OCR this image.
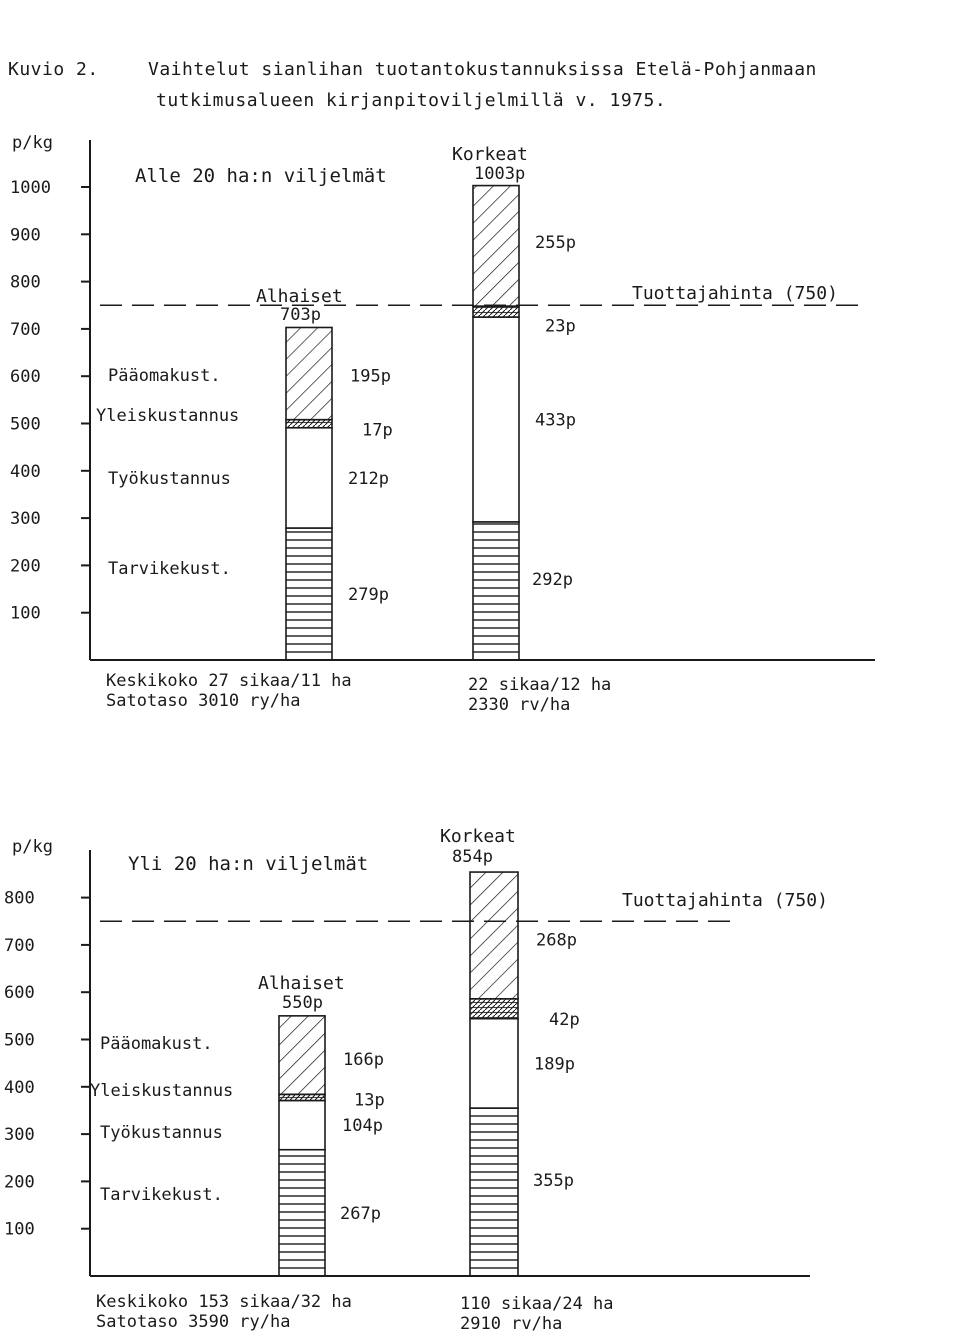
Kuvio 2.	Vaihtelut sianlihan tuotantokustannuksissa Etelä-Pohjanmaan
tutkimusalueen kirjanpitoviljelmillä v. 1975.
p/kg
100
200
300
400
500
600
700
800
900
1000
Alle 20 ha:n viljelmät
Tuottajahinta (750)
Tarvikekust.
Työkustannus
Yleiskustannus
Pääomakust.
279p
212p
17p
195p
Alhaiset
703p
Keskikoko 27 sikaa/11 ha
Satotaso 3010 ry/ha
292p
433p
23p
255p
Korkeat
1003p
22 sikaa/12 ha
2330 rv/ha
p/kg
100
200
300
400
500
600
700
800
Yli 20 ha:n viljelmät
Tuottajahinta (750)
Tarvikekust.
Työkustannus
Yleiskustannus
Pääomakust.
267p
104p
13p
166p
Alhaiset
550p
Keskikoko 153 sikaa/32 ha
Satotaso 3590 ry/ha
355p
189p
42p
268p
Korkeat
854p
110 sikaa/24 ha
2910 rv/ha
